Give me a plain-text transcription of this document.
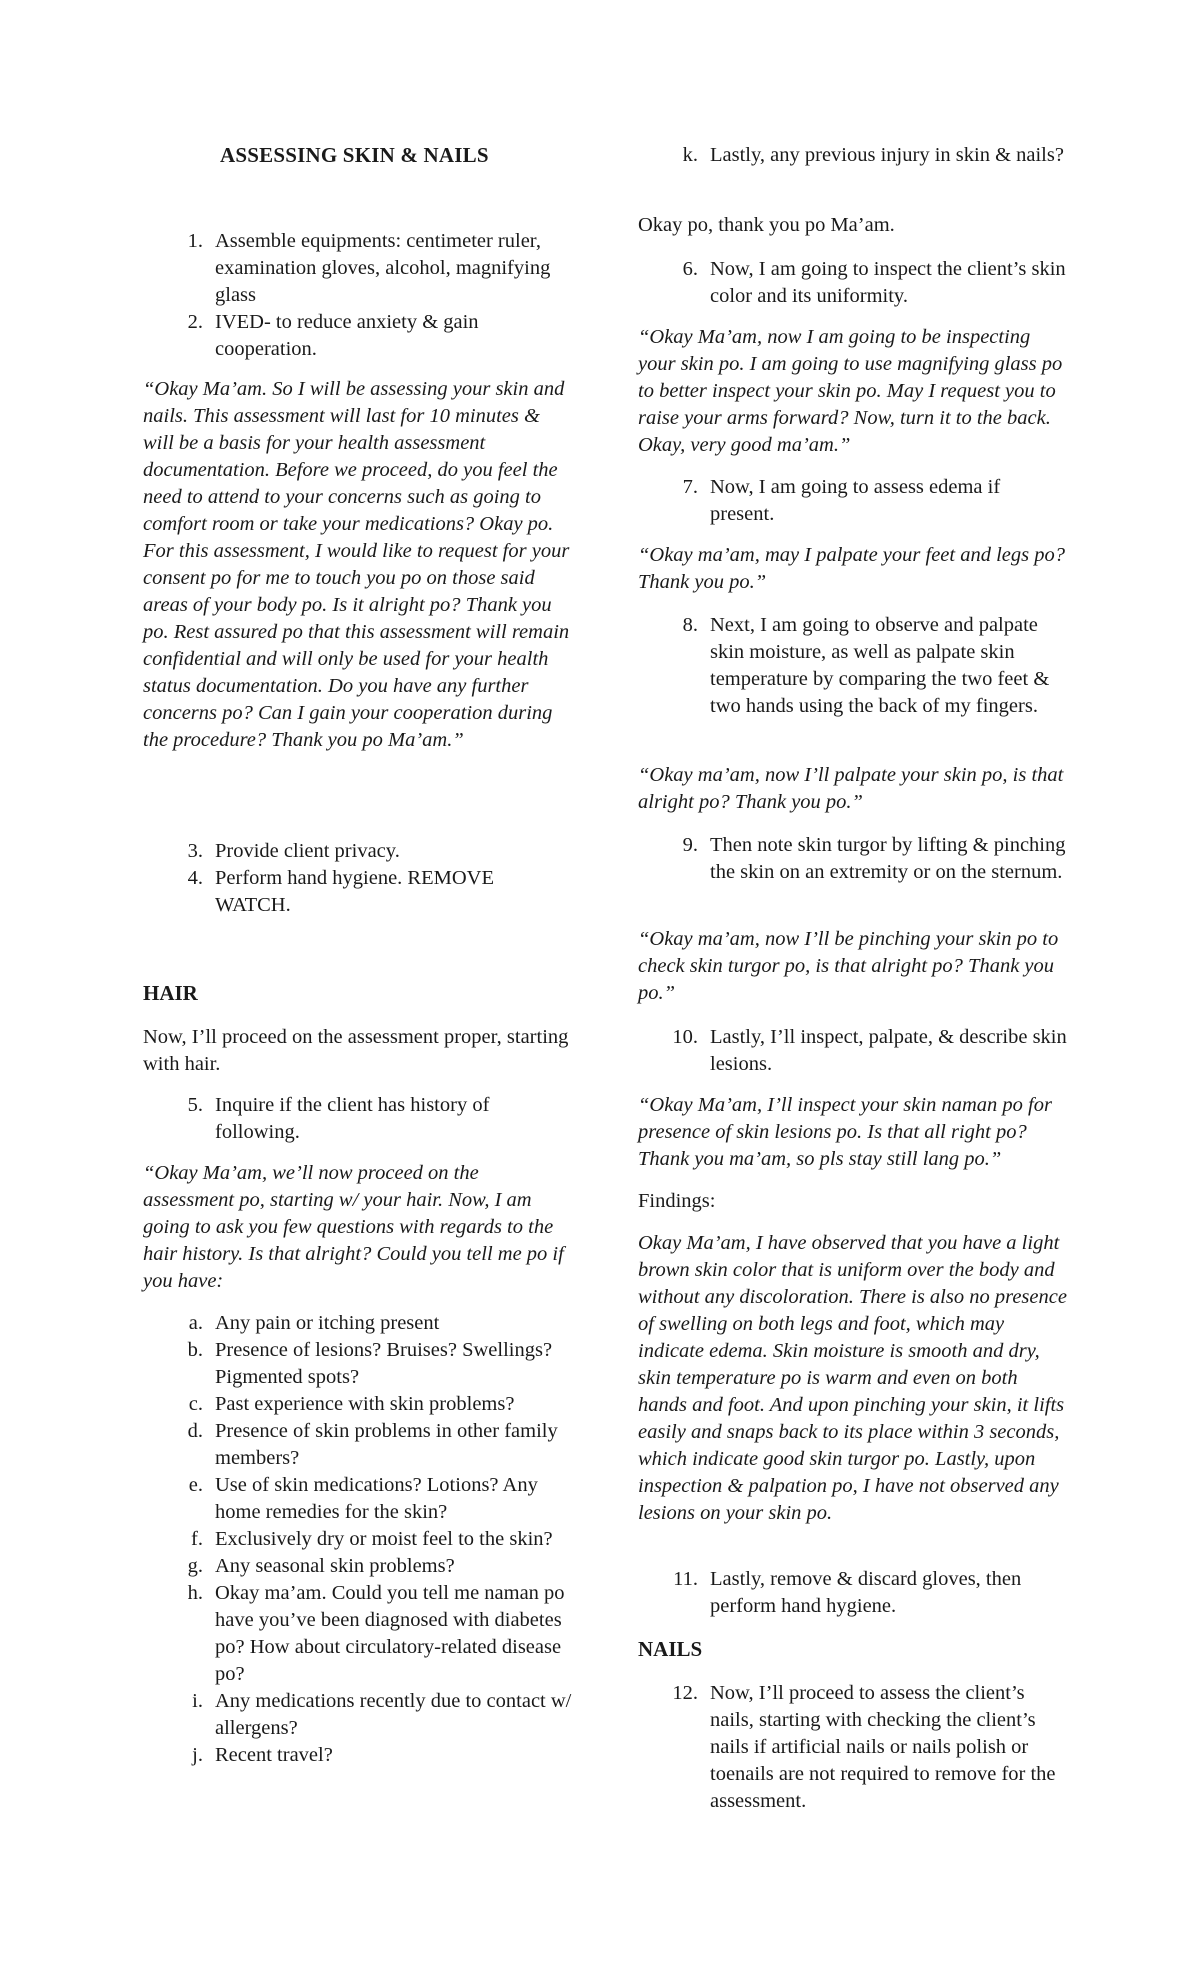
ASSESSING SKIN & NAILS
1. Assemble equipments: centimeter ruler, examination gloves, alcohol, magnifying glass
2. IVED- to reduce anxiety & gain cooperation.

“Okay Ma’am. So I will be assessing your skin and nails. This assessment will last for 10 minutes & will be a basis for your health assessment documentation. Before we proceed, do you feel the need to attend to your concerns such as going to comfort room or take your medications? Okay po. For this assessment, I would like to request for your consent po for me to touch you po on those said areas of your body po. Is it alright po? Thank you po. Rest assured po that this assessment will remain confidential and will only be used for your health status documentation. Do you have any further concerns po? Can I gain your cooperation during the procedure? Thank you po Ma’am.”

3. Provide client privacy.
4. Perform hand hygiene. REMOVE WATCH.
HAIR

Now, I’ll proceed on the assessment proper, starting with hair.

5. Inquire if the client has history of following.

“Okay Ma’am, we’ll now proceed on the assessment po, starting w/ your hair. Now, I am going to ask you few questions with regards to the hair history. Is that alright? Could you tell me po if you have:

a. Any pain or itching present
b. Presence of lesions? Bruises? Swellings? Pigmented spots?
c. Past experience with skin problems?
d. Presence of skin problems in other family members?
e. Use of skin medications? Lotions? Any home remedies for the skin?
f. Exclusively dry or moist feel to the skin?
g. Any seasonal skin problems?
h. Okay ma’am. Could you tell me naman po have you’ve been diagnosed with diabetes po? How about circulatory-related disease po?
i. Any medications recently due to contact w/ allergens?
j. Recent travel?
k. Lastly, any previous injury in skin & nails?

Okay po, thank you po Ma’am.

6. Now, I am going to inspect the client’s skin color and its uniformity.

“Okay Ma’am, now I am going to be inspecting your skin po. I am going to use magnifying glass po to better inspect your skin po. May I request you to raise your arms forward? Now, turn it to the back. Okay, very good ma’am.”

7. Now, I am going to assess edema if present.

“Okay ma’am, may I palpate your feet and legs po? Thank you po.”

8. Next, I am going to observe and palpate skin moisture, as well as palpate skin temperature by comparing the two feet & two hands using the back of my fingers.

“Okay ma’am, now I’ll palpate your skin po, is that alright po? Thank you po.”

9. Then note skin turgor by lifting & pinching the skin on an extremity or on the sternum.

“Okay ma’am, now I’ll be pinching your skin po to check skin turgor po, is that alright po? Thank you po.”

10. Lastly, I’ll inspect, palpate, & describe skin lesions.

“Okay Ma’am, I’ll inspect your skin naman po for presence of skin lesions po. Is that all right po? Thank you ma’am, so pls stay still lang po.”

Findings:

Okay Ma’am, I have observed that you have a light brown skin color that is uniform over the body and without any discoloration. There is also no presence of swelling on both legs and foot, which may indicate edema. Skin moisture is smooth and dry, skin temperature po is warm and even on both hands and foot. And upon pinching your skin, it lifts easily and snaps back to its place within 3 seconds, which indicate good skin turgor po. Lastly, upon inspection & palpation po, I have not observed any lesions on your skin po.

11. Lastly, remove & discard gloves, then perform hand hygiene.
NAILS
12. Now, I’ll proceed to assess the client’s nails, starting with checking the client’s nails if artificial nails or nails polish or toenails are not required to remove for the assessment.
